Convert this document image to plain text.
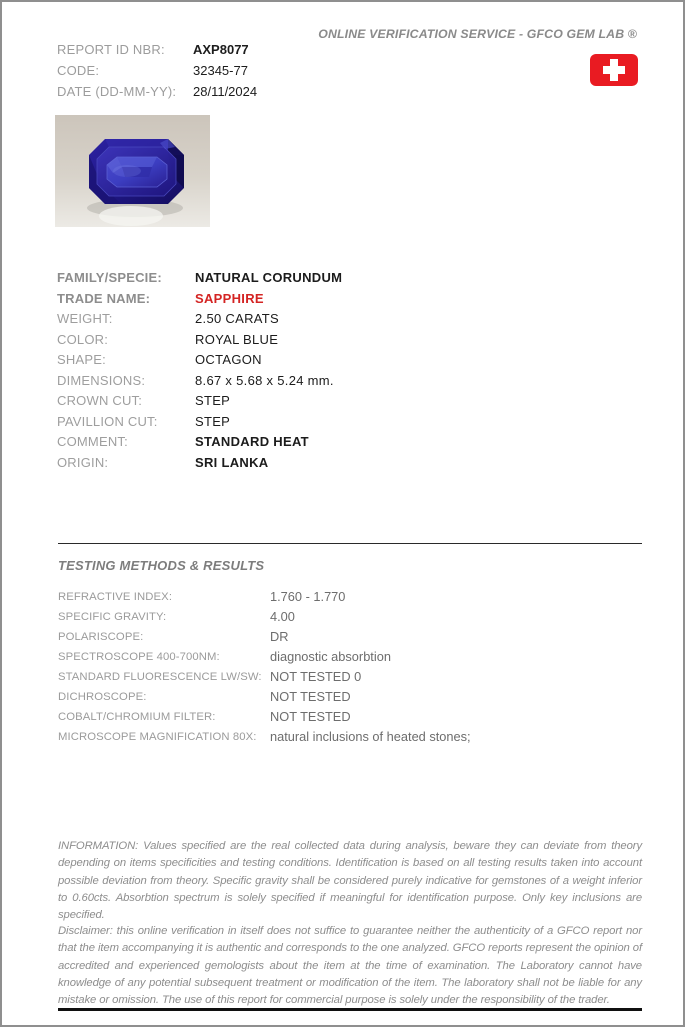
ONLINE VERIFICATION SERVICE - GFCO GEM LAB ®
REPORT ID NBR:	AXP8077
CODE:	32345-77
DATE (DD-MM-YY):	28/11/2024
FAMILY/SPECIE:	NATURAL CORUNDUM
TRADE NAME:	SAPPHIRE
WEIGHT:	2.50 CARATS
COLOR:	ROYAL BLUE
SHAPE:	OCTAGON
DIMENSIONS:	8.67 x 5.68 x 5.24 mm.
CROWN CUT:	STEP
PAVILLION CUT:	STEP
COMMENT:	STANDARD HEAT
ORIGIN:	SRI LANKA
TESTING METHODS & RESULTS
REFRACTIVE INDEX:	1.760 - 1.770
SPECIFIC GRAVITY:	4.00
POLARISCOPE:	DR
SPECTROSCOPE 400-700NM:	diagnostic absorbtion
STANDARD FLUORESCENCE LW/SW: NOT TESTED 0
DICHROSCOPE:	NOT TESTED
COBALT/CHROMIUM FILTER:	NOT TESTED
MICROSCOPE MAGNIFICATION 80X:	natural inclusions of heated stones;

INFORMATION: Values specified are the real collected data during analysis, beware they can deviate from theory depending on items specificities and testing conditions. Identification is based on all testing results taken into account possible deviation from theory. Specific gravity shall be considered purely indicative for gemstones of a weight inferior to 0.60cts. Absorbtion spectrum is solely specified if meaningful for identification purpose. Only key inclusions are specified.

Disclaimer: this online verification in itself does not suffice to guarantee neither the authenticity of a GFCO report nor that the item accompanying it is authentic and corresponds to the one analyzed. GFCO reports represent the opinion of accredited and experienced gemologists about the item at the time of examination. The Laboratory cannot have knowledge of any potential subsequent treatment or modification of the item. The laboratory shall not be liable for any mistake or omission. The use of this report for commercial purpose is solely under the responsibility of the trader.
